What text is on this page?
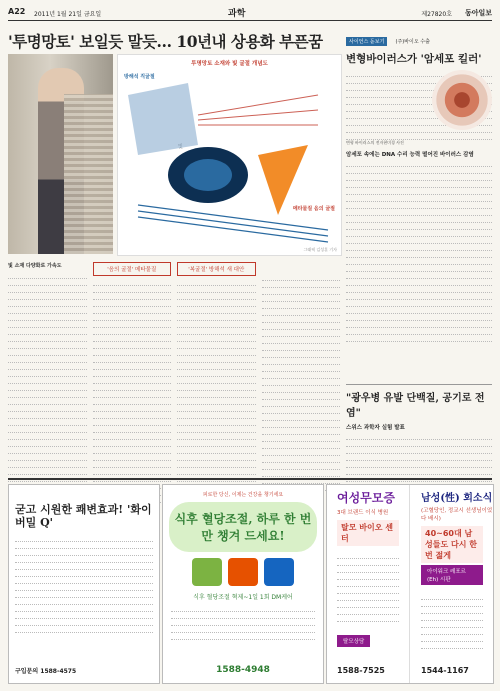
A22 2011년 1월 21일 금요일	과학	제27820호 동아일보
'투명망토' 보일듯 말듯… 10년내 상용화 부픈꿈
투명망토 소재와 빛 굴절 개념도
방해석 직굴절
메타물질 음의 굴절
그래픽 김성훈 기자
빛 소재 다양화로 가속도
'음의 굴절' 메타물질	'복굴절' 방해석 새 대안
사이언스 돋보기 (주)바이오 수출
변형바이러스가 '암세포 킬러'
변형 바이러스의 전자현미경 사진
암세포 속에는 DNA 수리 능력 떨어진 바이러스 감염
"광우병 유발 단백질, 공기로 전염"
스위스 과학자 실험 발표
굳고 시원한 쾌변효과! '화이버밀 Q'
구입문의 1588-4575
피로한 당신, 이제는 건강을 챙기세요
식후 혈당조절, 하루 한 번만 챙겨 드세요!
식후 혈당조절 혁제~1일 1회 DM케어
1588-4948
여성무모증
3대 브랜드 이식 병원
탈모 바이오 센터
탈모상담
1588-7525
남성(性) 회소식
(고혈당인, 정교시 선생님이었다 배시)
40~60대 남성들도 다시 한 번 젊게
아이워크 레포르(Eh) 시판
1544-1167
